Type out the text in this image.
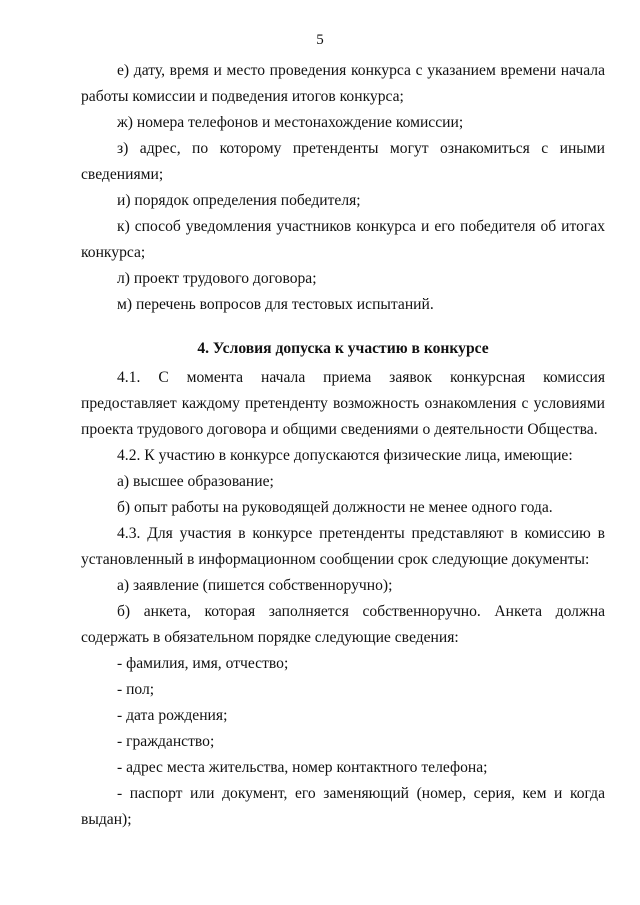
5

е) дату, время и место проведения конкурса с указанием времени начала работы комиссии и подведения итогов конкурса;

ж) номера телефонов и местонахождение комиссии;

з) адрес, по которому претенденты могут ознакомиться с иными сведениями;

и) порядок определения победителя;

к) способ уведомления участников конкурса и его победителя об итогах конкурса;

л) проект трудового договора;

м) перечень вопросов для тестовых испытаний.

4. Условия допуска к участию в конкурсе

4.1. С момента начала приема заявок конкурсная комиссия предоставляет каждому претенденту возможность ознакомления с условиями проекта трудового договора и общими сведениями о деятельности Общества.

4.2. К участию в конкурсе допускаются физические лица, имеющие:

а) высшее образование;

б) опыт работы на руководящей должности не менее одного года.

4.3. Для участия в конкурсе претенденты представляют в комиссию в установленный в информационном сообщении срок следующие документы:

а) заявление (пишется собственноручно);

б) анкета, которая заполняется собственноручно. Анкета должна содержать в обязательном порядке следующие сведения:

- фамилия, имя, отчество;

- пол;

- дата рождения;

- гражданство;

- адрес места жительства, номер контактного телефона;

- паспорт или документ, его заменяющий (номер, серия, кем и когда выдан);
